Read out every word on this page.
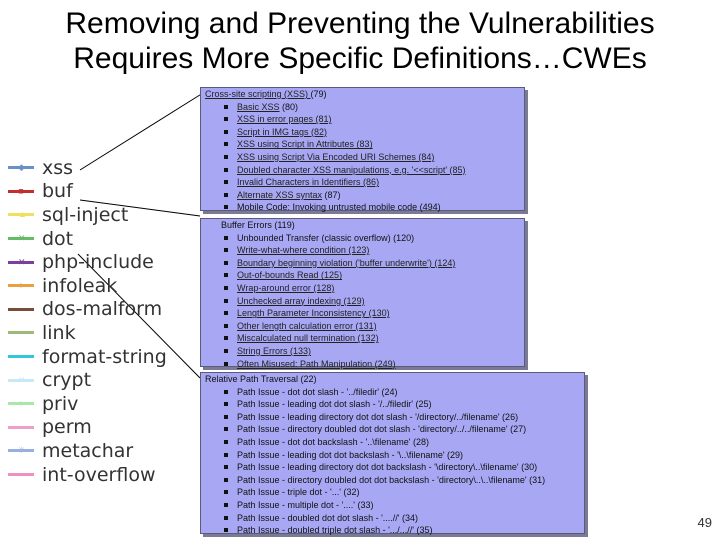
Removing and Preventing the Vulnerabilities
Requires More Specific Definitions…CWEs
◆ xss
■ buf
▲ sql-inject
✕ dot
✕ php-include
● infoleak
dos-malform
link
format-string
✕ crypt
● priv
perm
✳ metachar
int-overflow
Cross-site scripting (XSS) (79)
Basic XSS (80)
XSS in error pages (81)
Script in IMG tags (82)
XSS using Script in Attributes (83)
XSS using Script Via Encoded URI Schemes (84)
Doubled character XSS manipulations, e.g. '<<script' (85)
Invalid Characters in Identifiers (86)
Alternate XSS syntax (87)
Mobile Code: Invoking untrusted mobile code (494)
Buffer Errors (119)
Unbounded Transfer (classic overflow) (120)
Write-what-where condition (123)
Boundary beginning violation ('buffer underwrite') (124)
Out-of-bounds Read (125)
Wrap-around error (128)
Unchecked array indexing (129)
Length Parameter Inconsistency (130)
Other length calculation error (131)
Miscalculated null termination (132)
String Errors (133)
Often Misused: Path Manipulation (249)
Relative Path Traversal (22)
Path Issue - dot dot slash - '../filedir' (24)
Path Issue - leading dot dot slash - '/../filedir' (25)
Path Issue - leading directory dot dot slash - '/directory/../filename' (26)
Path Issue - directory doubled dot dot slash - 'directory/../../filename' (27)
Path Issue - dot dot backslash - '..\filename' (28)
Path Issue - leading dot dot backslash - '\..\filename' (29)
Path Issue - leading directory dot dot backslash - '\directory\..\filename' (30)
Path Issue - directory doubled dot dot backslash - 'directory\..\..\filename' (31)
Path Issue - triple dot - '...' (32)
Path Issue - multiple dot - '....' (33)
Path Issue - doubled dot dot slash - '....//' (34)
Path Issue - doubled triple dot slash - '.../...//' (35)
49
